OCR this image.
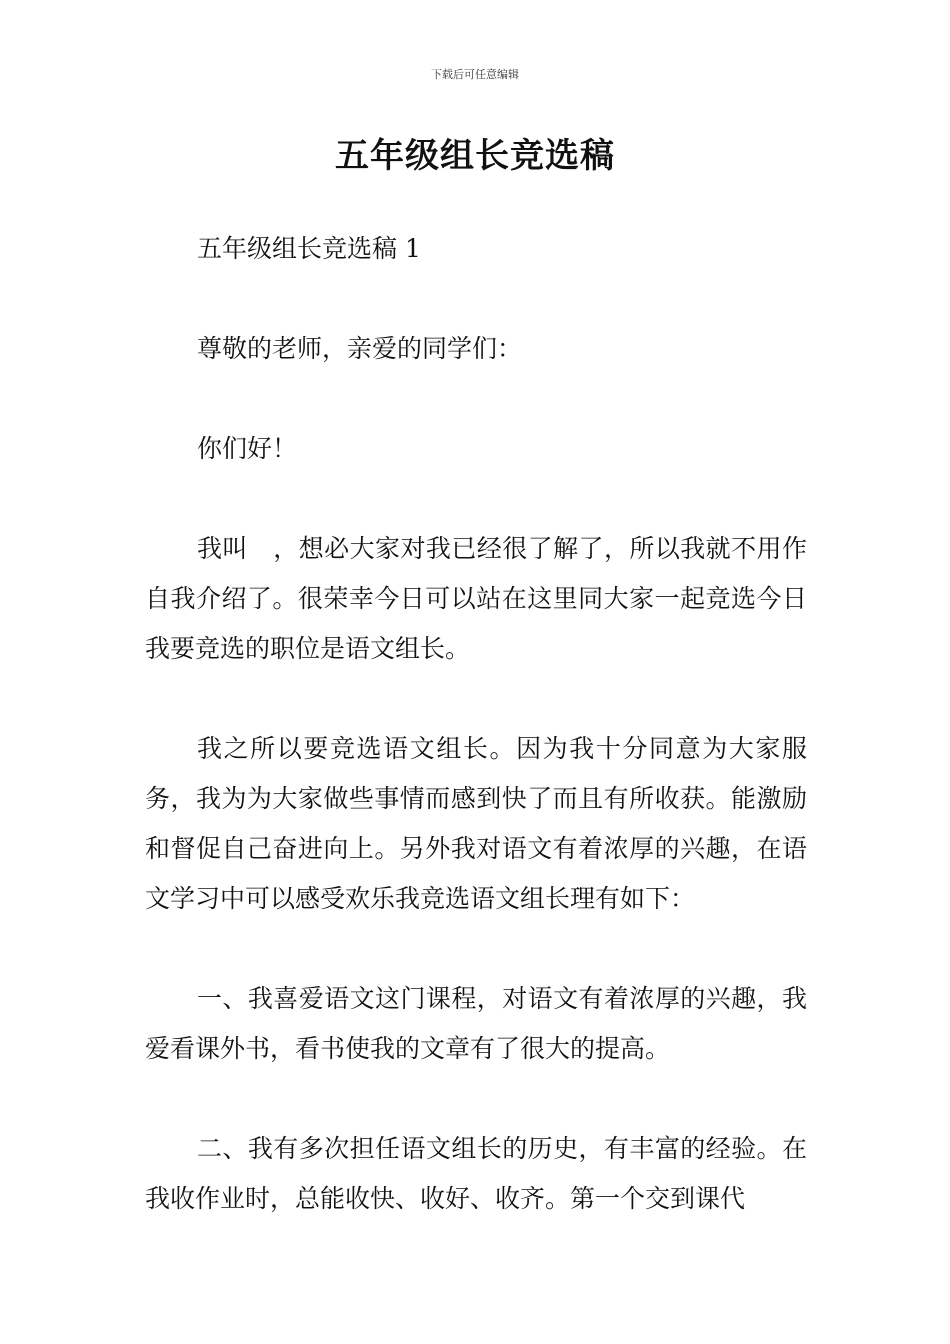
下载后可任意编辑
五年级组长竞选稿

五年级组长竞选稿 1

尊敬的老师，亲爱的同学们：

你们好！

我叫　，想必大家对我已经很了解了，所以我就不用作自我介绍了。很荣幸今日可以站在这里同大家一起竞选今日我要竞选的职位是语文组长。

我之所以要竞选语文组长。因为我十分同意为大家服务，我为为大家做些事情而感到快了而且有所收获。能激励和督促自己奋进向上。另外我对语文有着浓厚的兴趣，在语文学习中可以感受欢乐我竞选语文组长理有如下：

一、我喜爱语文这门课程，对语文有着浓厚的兴趣，我爱看课外书，看书使我的文章有了很大的提高。

二、我有多次担任语文组长的历史，有丰富的经验。在我收作业时，总能收快、收好、收齐。第一个交到课代
